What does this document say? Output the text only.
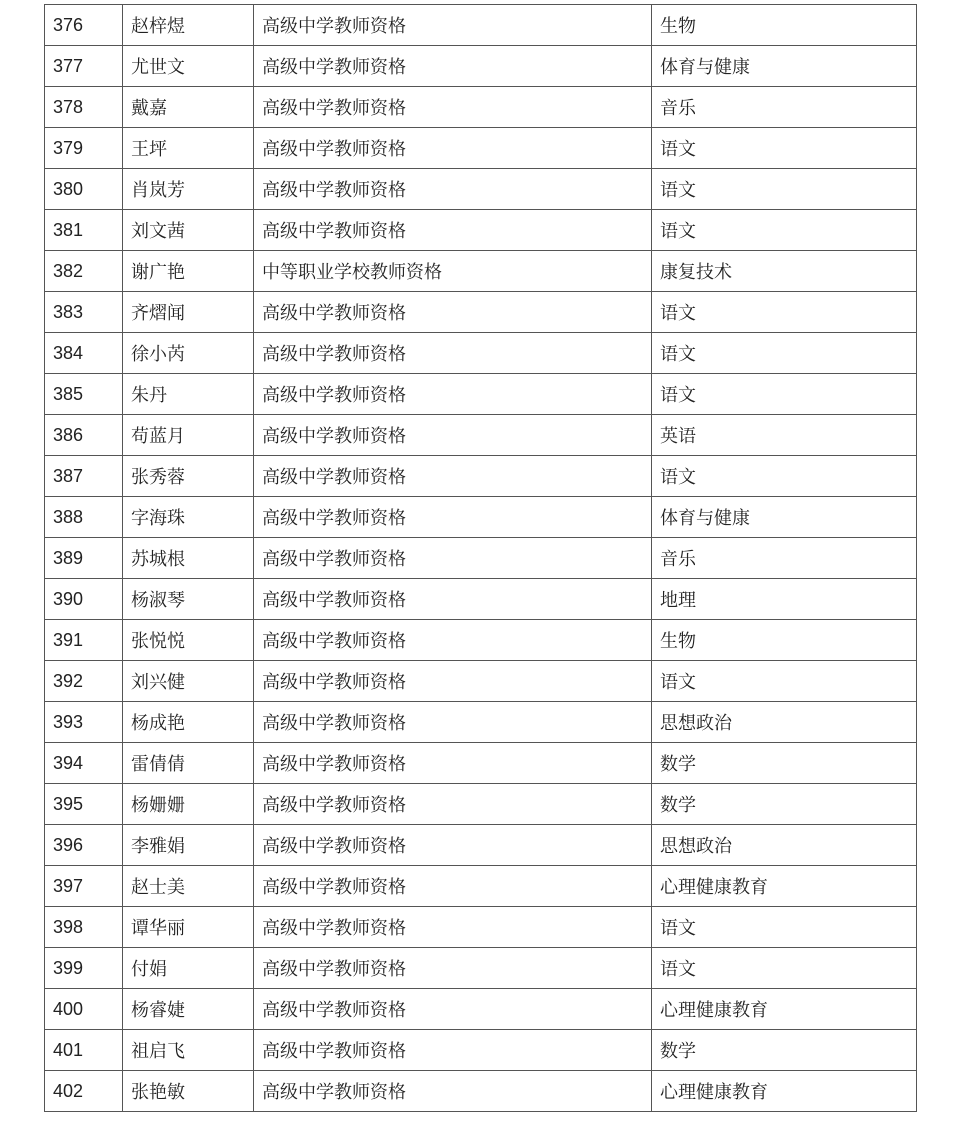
376	赵梓煜	高级中学教师资格	生物
377	尤世文	高级中学教师资格	体育与健康
378	戴嘉	高级中学教师资格	音乐
379	王坪	高级中学教师资格	语文
380	肖岚芳	高级中学教师资格	语文
381	刘文茜	高级中学教师资格	语文
382	谢广艳	中等职业学校教师资格	康复技术
383	齐熠闻	高级中学教师资格	语文
384	徐小芮	高级中学教师资格	语文
385	朱丹	高级中学教师资格	语文
386	苟蓝月	高级中学教师资格	英语
387	张秀蓉	高级中学教师资格	语文
388	字海珠	高级中学教师资格	体育与健康
389	苏城根	高级中学教师资格	音乐
390	杨淑琴	高级中学教师资格	地理
391	张悦悦	高级中学教师资格	生物
392	刘兴健	高级中学教师资格	语文
393	杨成艳	高级中学教师资格	思想政治
394	雷倩倩	高级中学教师资格	数学
395	杨姗姗	高级中学教师资格	数学
396	李雅娟	高级中学教师资格	思想政治
397	赵士美	高级中学教师资格	心理健康教育
398	谭华丽	高级中学教师资格	语文
399	付娟	高级中学教师资格	语文
400	杨睿婕	高级中学教师资格	心理健康教育
401	祖启飞	高级中学教师资格	数学
402	张艳敏	高级中学教师资格	心理健康教育
